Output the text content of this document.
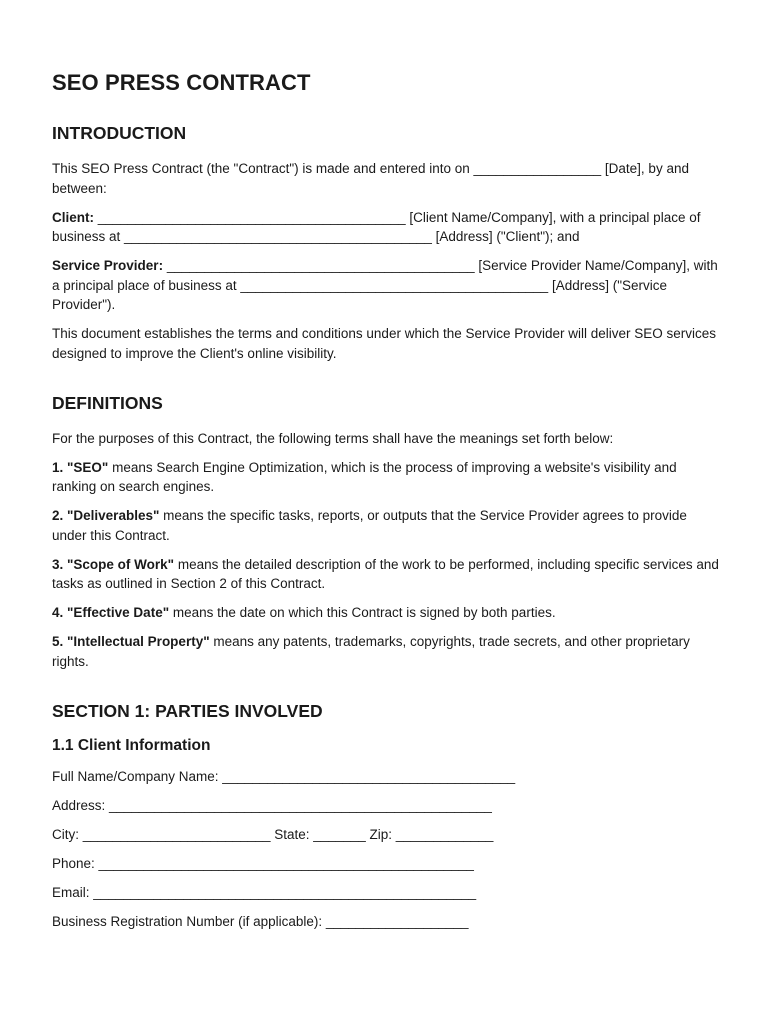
SEO PRESS CONTRACT
INTRODUCTION

This SEO Press Contract (the "Contract") is made and entered into on _________________ [Date], by and between:

Client: _________________________________________ [Client Name/Company], with a principal place of business at _________________________________________ [Address] ("Client"); and

Service Provider: _________________________________________ [Service Provider Name/Company], with a principal place of business at _________________________________________ [Address] ("Service Provider").

This document establishes the terms and conditions under which the Service Provider will deliver SEO services designed to improve the Client's online visibility.

DEFINITIONS

For the purposes of this Contract, the following terms shall have the meanings set forth below:

1. "SEO" means Search Engine Optimization, which is the process of improving a website's visibility and ranking on search engines.

2. "Deliverables" means the specific tasks, reports, or outputs that the Service Provider agrees to provide under this Contract.

3. "Scope of Work" means the detailed description of the work to be performed, including specific services and tasks as outlined in Section 2 of this Contract.

4. "Effective Date" means the date on which this Contract is signed by both parties.

5. "Intellectual Property" means any patents, trademarks, copyrights, trade secrets, and other proprietary rights.

SECTION 1: PARTIES INVOLVED
1.1 Client Information
Full Name/Company Name: _______________________________________
Address: ___________________________________________________
City: _________________________ State: _______ Zip: _____________
Phone: __________________________________________________
Email: ___________________________________________________
Business Registration Number (if applicable): ___________________
